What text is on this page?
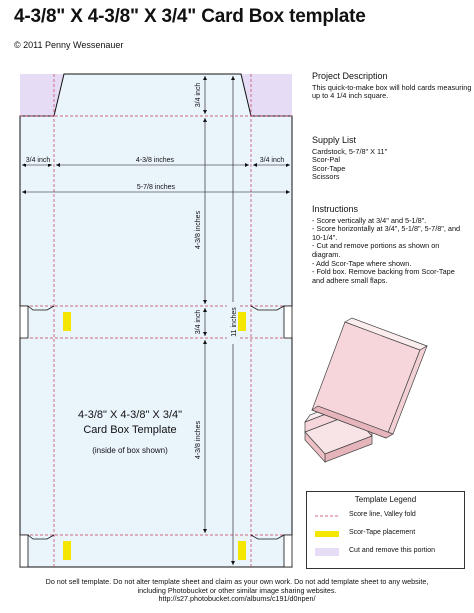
4-3/8" X 4-3/8" X 3/4" Card Box template
© 2011 Penny Wessenauer
3/4 inch	4-3/8 inches	3/4 inch
5-7/8 inches
3/4 inch
4-3/8 inches
3/4 inch
4-3/8 inches
11 inches
4-3/8" X 4-3/8" X 3/4"
Card Box Template
(inside of box shown)
Project Description
This quick-to-make box will hold cards measuring up to 4 1/4 inch square.
Supply List
Cardstock, 5-7/8" X 11"
Scor-Pal
Scor-Tape
Scissors
Instructions
- Score vertically at 3/4" and 5-1/8".
- Score horizontally at 3/4", 5-1/8", 5-7/8", and 10-1/4".
- Cut and remove portions as shown on diagram.
- Add Scor-Tape where shown.
- Fold box. Remove backing from Scor-Tape and adhere small flaps.
Template Legend
Score line, Valley fold
Scor-Tape placement
Cut and remove this portion
Do not sell template. Do not alter template sheet and claim as your own work. Do not add template sheet to any website,
including Photobucket or other similar image sharing websites.
http://s27.photobucket.com/albums/c191/d0npen/
